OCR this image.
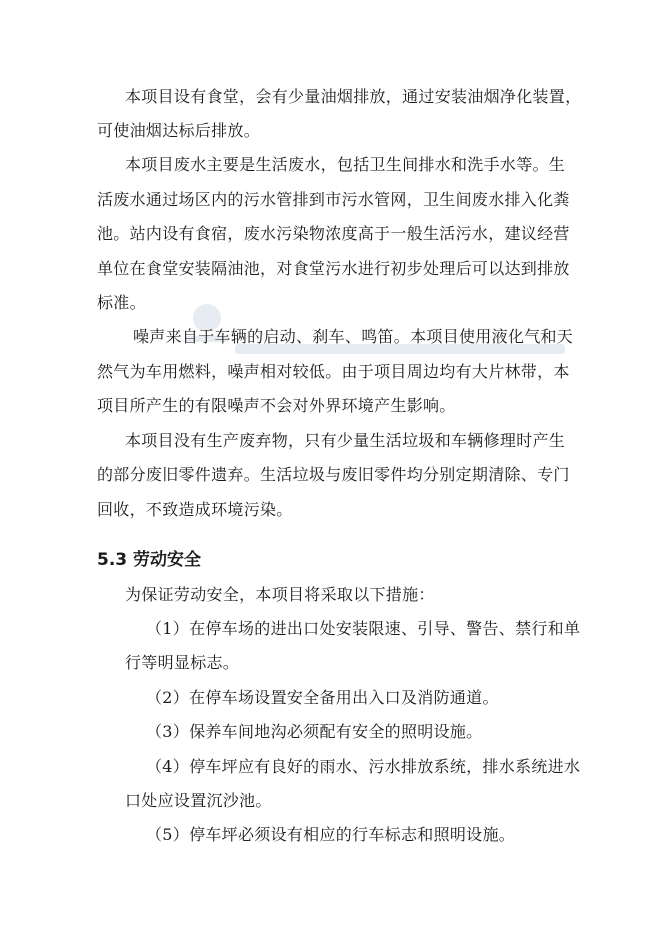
本项目设有食堂，会有少量油烟排放，通过安装油烟净化装置，
可使油烟达标后排放。
本项目废水主要是生活废水，包括卫生间排水和洗手水等。生
活废水通过场区内的污水管排到市污水管网，卫生间废水排入化粪
池。站内设有食宿，废水污染物浓度高于一般生活污水，建议经营
单位在食堂安装隔油池，对食堂污水进行初步处理后可以达到排放
标准。
噪声来自于车辆的启动、刹车、鸣笛。本项目使用液化气和天
然气为车用燃料，噪声相对较低。由于项目周边均有大片林带，本
项目所产生的有限噪声不会对外界环境产生影响。
本项目没有生产废弃物，只有少量生活垃圾和车辆修理时产生
的部分废旧零件遗弃。生活垃圾与废旧零件均分别定期清除、专门
回收，不致造成环境污染。
5.3 劳动安全
为保证劳动安全，本项目将采取以下措施：
（1）在停车场的进出口处安装限速、引导、警告、禁行和单
行等明显标志。
（2）在停车场设置安全备用出入口及消防通道。
（3）保养车间地沟必须配有安全的照明设施。
（4）停车坪应有良好的雨水、污水排放系统，排水系统进水
口处应设置沉沙池。
（5）停车坪必须设有相应的行车标志和照明设施。
